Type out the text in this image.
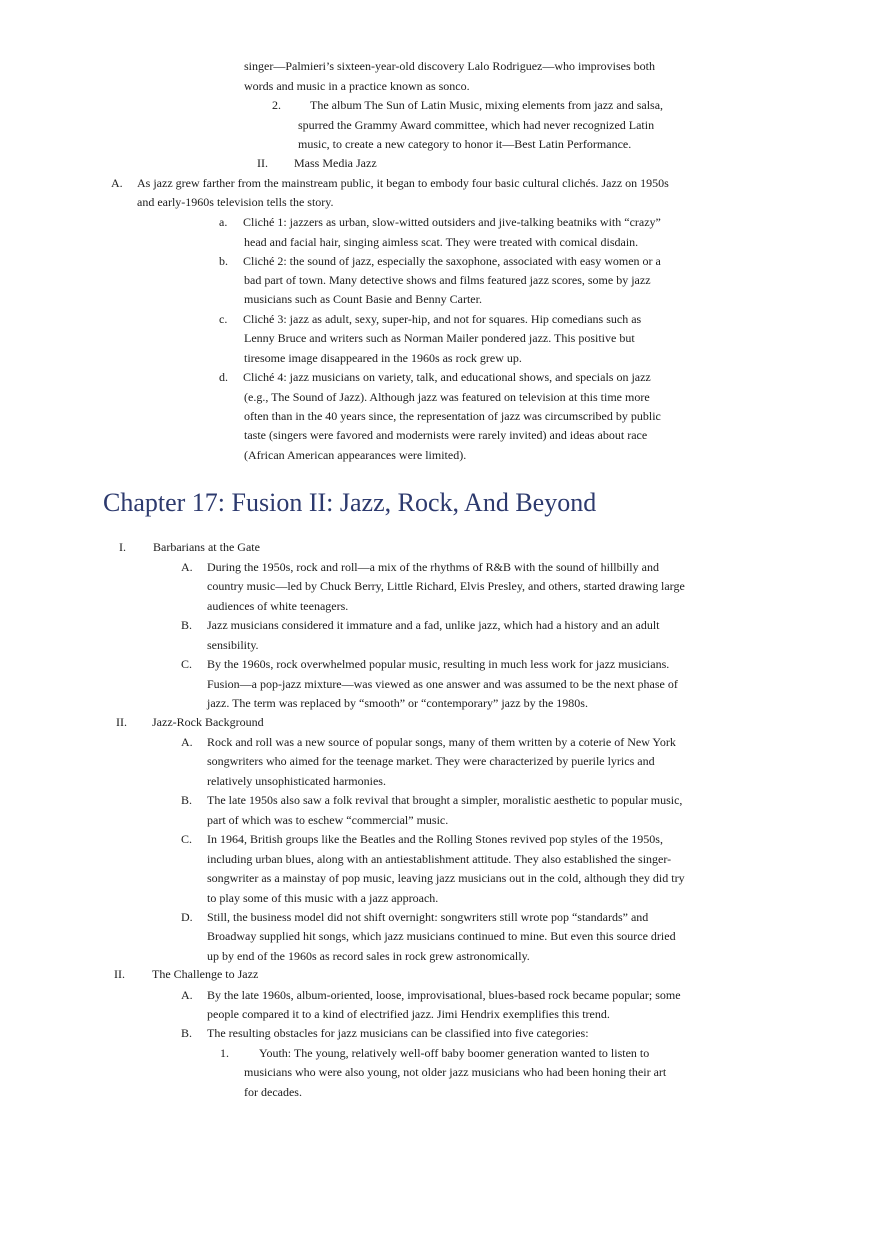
singer—Palmieri’s sixteen-year-old discovery Lalo Rodriguez—who improvises both
words and music in a practice known as sonco.
2. The album The Sun of Latin Music, mixing elements from jazz and salsa,
spurred the Grammy Award committee, which had never recognized Latin
music, to create a new category to honor it—Best Latin Performance.
II. Mass Media Jazz
A. As jazz grew farther from the mainstream public, it began to embody four basic cultural clichés. Jazz on 1950s
and early-1960s television tells the story.
a. Cliché 1: jazzers as urban, slow-witted outsiders and jive-talking beatniks with “crazy”
head and facial hair, singing aimless scat. They were treated with comical disdain.
b. Cliché 2: the sound of jazz, especially the saxophone, associated with easy women or a
bad part of town. Many detective shows and films featured jazz scores, some by jazz
musicians such as Count Basie and Benny Carter.
c. Cliché 3: jazz as adult, sexy, super-hip, and not for squares. Hip comedians such as
Lenny Bruce and writers such as Norman Mailer pondered jazz. This positive but
tiresome image disappeared in the 1960s as rock grew up.
d. Cliché 4: jazz musicians on variety, talk, and educational shows, and specials on jazz
(e.g., The Sound of Jazz). Although jazz was featured on television at this time more
often than in the 40 years since, the representation of jazz was circumscribed by public
taste (singers were favored and modernists were rarely invited) and ideas about race
(African American appearances were limited).
Chapter 17: Fusion II: Jazz, Rock, And Beyond
I. Barbarians at the Gate
A. During the 1950s, rock and roll—a mix of the rhythms of R&B with the sound of hillbilly and
country music—led by Chuck Berry, Little Richard, Elvis Presley, and others, started drawing large
audiences of white teenagers.
B. Jazz musicians considered it immature and a fad, unlike jazz, which had a history and an adult
sensibility.
C. By the 1960s, rock overwhelmed popular music, resulting in much less work for jazz musicians.
Fusion—a pop-jazz mixture—was viewed as one answer and was assumed to be the next phase of
jazz. The term was replaced by “smooth” or “contemporary” jazz by the 1980s.
II. Jazz-Rock Background
A. Rock and roll was a new source of popular songs, many of them written by a coterie of New York
songwriters who aimed for the teenage market. They were characterized by puerile lyrics and
relatively unsophisticated harmonies.
B. The late 1950s also saw a folk revival that brought a simpler, moralistic aesthetic to popular music,
part of which was to eschew “commercial” music.
C. In 1964, British groups like the Beatles and the Rolling Stones revived pop styles of the 1950s,
including urban blues, along with an antiestablishment attitude. They also established the singer-
songwriter as a mainstay of pop music, leaving jazz musicians out in the cold, although they did try
to play some of this music with a jazz approach.
D. Still, the business model did not shift overnight: songwriters still wrote pop “standards” and
Broadway supplied hit songs, which jazz musicians continued to mine. But even this source dried
up by end of the 1960s as record sales in rock grew astronomically.
II. The Challenge to Jazz
A. By the late 1960s, album-oriented, loose, improvisational, blues-based rock became popular; some
people compared it to a kind of electrified jazz. Jimi Hendrix exemplifies this trend.
B. The resulting obstacles for jazz musicians can be classified into five categories:
1.	Youth: The young, relatively well-off baby boomer generation wanted to listen to
musicians who were also young, not older jazz musicians who had been honing their art
for decades.
